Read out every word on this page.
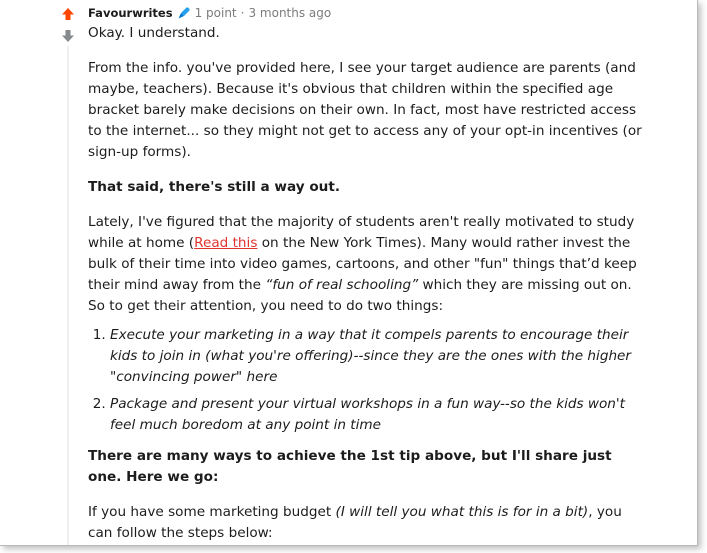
Favourwrites 1 point · 3 months ago

Okay. I understand.

From the info. you've provided here, I see your target audience are parents (and maybe, teachers). Because it's obvious that children within the specified age bracket barely make decisions on their own. In fact, most have restricted access to the internet... so they might not get to access any of your opt-in incentives (or sign-up forms).

That said, there's still a way out.

Lately, I've figured that the majority of students aren't really motivated to study while at home (Read this on the New York Times). Many would rather invest the bulk of their time into video games, cartoons, and other "fun" things that’d keep their mind away from the “fun of real schooling” which they are missing out on. So to get their attention, you need to do two things:

1. Execute your marketing in a way that it compels parents to encourage their kids to join in (what you're offering)--since they are the ones with the higher "convincing power" here
2. Package and present your virtual workshops in a fun way--so the kids won't feel much boredom at any point in time

There are many ways to achieve the 1st tip above, but I'll share just one. Here we go:

If you have some marketing budget (I will tell you what this is for in a bit), you can follow the steps below:
